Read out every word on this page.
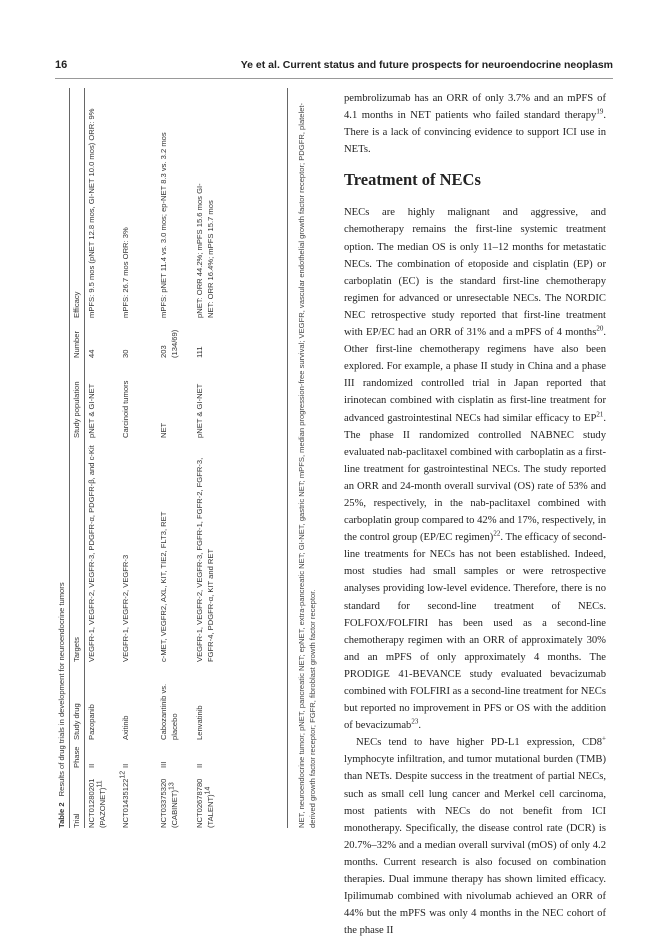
16	Ye et al. Current status and future prospects for neuroendocrine neoplasm
Table 2Results of drug trials in development for neuroendocrine tumors
Trial
Phase
Study drug
Targets
Study population
Number
Efficacy
NCT01280201 (PAZONET)$^{11}$
II
Pazopanib
VEGFR-1, VEGFR-2, VEGFR-3, PDGFR-α, PDGFR-β, and c-Kit
pNET & GI-NET
44
mPFS: 9.5 mos (pNET 12.8 mos, GI-NET 10.0 mos) ORR: 9%
NCT01435122$^{12}$
II
Axitinib
VEGFR-1, VEGFR-2, VEGFR-3
Carcinoid tumors
30
mPFS: 26.7 mos ORR: 3%
NCT03375320 (CABINET)$^{13}$
III
Cabozantinib vs. placebo
c-MET, VEGFR2, AXL, KIT, TIE2, FLT3, RET
NET
203 (134/69)
mPFS: pNET 11.4 vs. 3.0 mos; ep-NET 8.3 vs. 3.2 mos
NCT02678780 (TALENT)$^{14}$
II
Lenvatinib
VEGFR-1, VEGFR-2, VEGFR-3, FGFR-1, FGFR-2, FGFR-3, FGFR-4, PDGFR-α, KIT and RET
pNET & GI-NET
111
pNET: ORR 44.2%; mPFS 15.6 mos GI-NET: ORR 16.4%; mPFS 15.7 mos	NET, neuroendocrine tumor; pNET, pancreatic NET; epNET, extra-pancreatic NET; GI-NET, gastric NET; mPFS, median progression-free survival; VEGFR, vascular endothelial growth factor receptor; PDGFR, platelet-derived growth factor receptor; FGFR, fibroblast growth factor receptor.

pembrolizumab has an ORR of only 3.7% and an mPFS of 4.1 months in NET patients who failed standard therapy$^{19}$. There is a lack of convincing evidence to support ICI use in NETs.

Treatment of NECs

NECs are highly malignant and aggressive, and chemotherapy remains the first-line systemic treatment option. The median OS is only 11–12 months for metastatic NECs. The combination of etoposide and cisplatin (EP) or carboplatin (EC) is the standard first-line chemotherapy regimen for advanced or unresectable NECs. The NORDIC NEC retrospective study reported that first-line treatment with EP/EC had an ORR of 31% and a mPFS of 4 months$^{20}$. Other first-line chemotherapy regimens have also been explored. For example, a phase II study in China and a phase III randomized controlled trial in Japan reported that irinotecan combined with cisplatin as first-line treatment for advanced gastrointestinal NECs had similar efficacy to EP$^{21}$. The phase II randomized controlled NABNEC study evaluated nab-paclitaxel combined with carboplatin as a first-line treatment for gastrointestinal NECs. The study reported an ORR and 24-month overall survival (OS) rate of 53% and 25%, respectively, in the nab-paclitaxel combined with carboplatin group compared to 42% and 17%, respectively, in the control group (EP/EC regimen)$^{22}$. The efficacy of second-line treatments for NECs has not been established. Indeed, most studies had small samples or were retrospective analyses providing low-level evidence. Therefore, there is no standard for second-line treatment of NECs. FOLFOX/FOLFIRI has been used as a second-line chemotherapy regimen with an ORR of approximately 30% and an mPFS of only approximately 4 months. The PRODIGE 41-BEVANCE study evaluated bevacizumab combined with FOLFIRI as a second-line treatment for NECs but reported no improvement in PFS or OS with the addition of bevacizumab$^{23}$.

NECs tend to have higher PD-L1 expression, CD8+ lymphocyte infiltration, and tumor mutational burden (TMB) than NETs. Despite success in the treatment of partial NECs, such as small cell lung cancer and Merkel cell carcinoma, most patients with NECs do not benefit from ICI monotherapy. Specifically, the disease control rate (DCR) is 20.7%–32% and a median overall survival (mOS) of only 4.2 months. Current research is also focused on combination therapies. Dual immune therapy has shown limited efficacy. Ipilimumab combined with nivolumab achieved an ORR of 44% but the mPFS was only 4 months in the NEC cohort of the phase II
